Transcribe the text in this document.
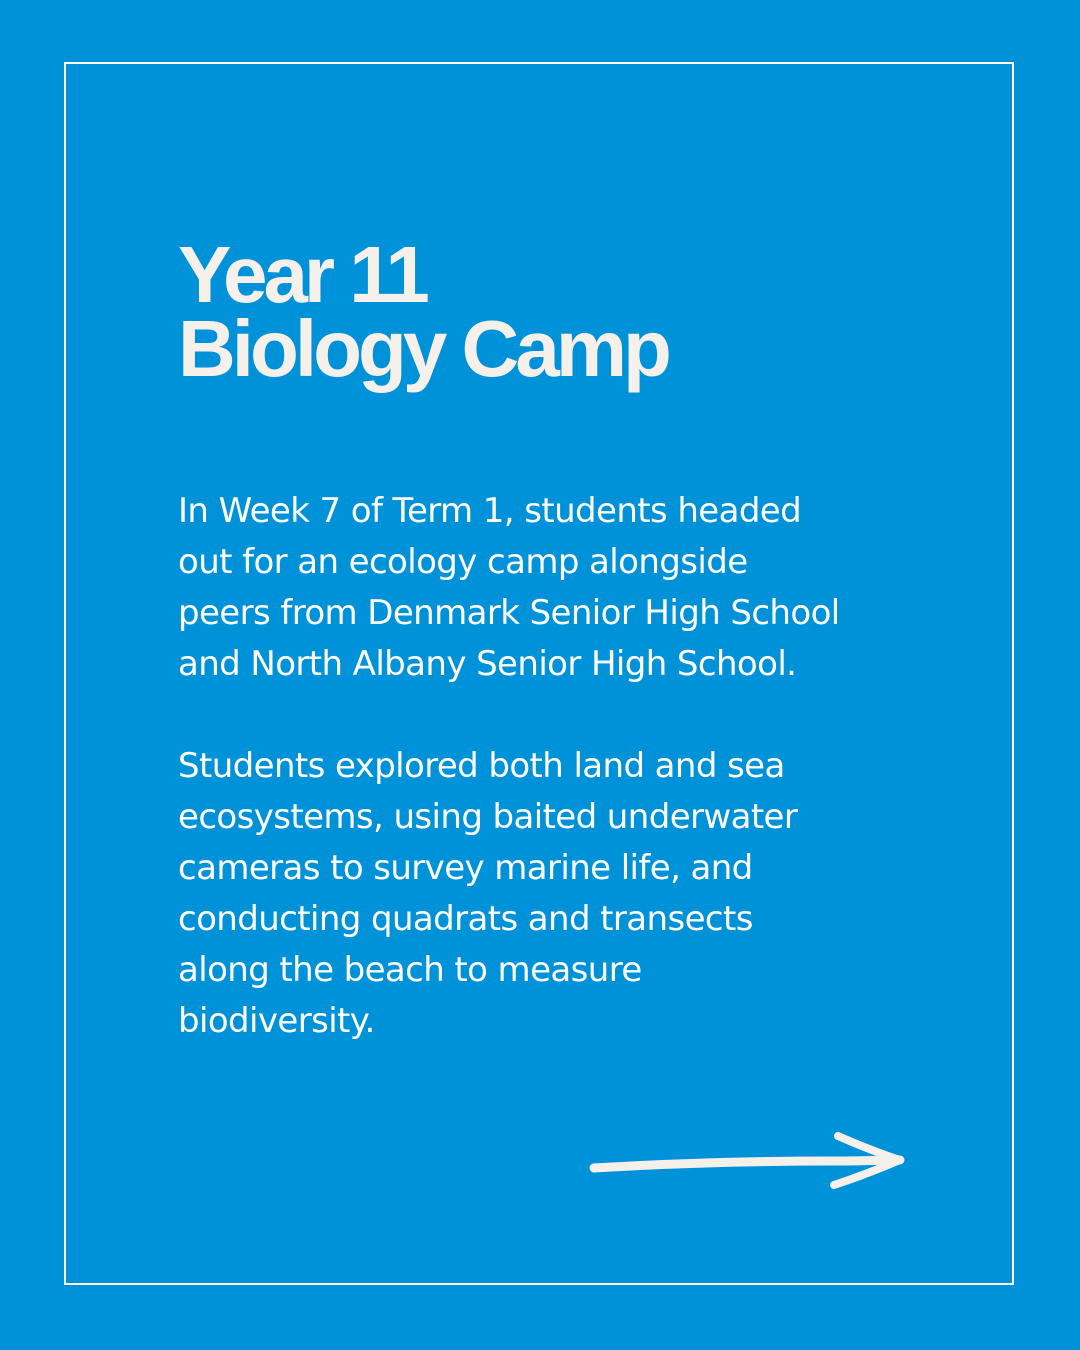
Year 11
Biology Camp

In Week 7 of Term 1, students headed
out for an ecology camp alongside
peers from Denmark Senior High School
and North Albany Senior High School.

Students explored both land and sea
ecosystems, using baited underwater
cameras to survey marine life, and
conducting quadrats and transects
along the beach to measure
biodiversity.
